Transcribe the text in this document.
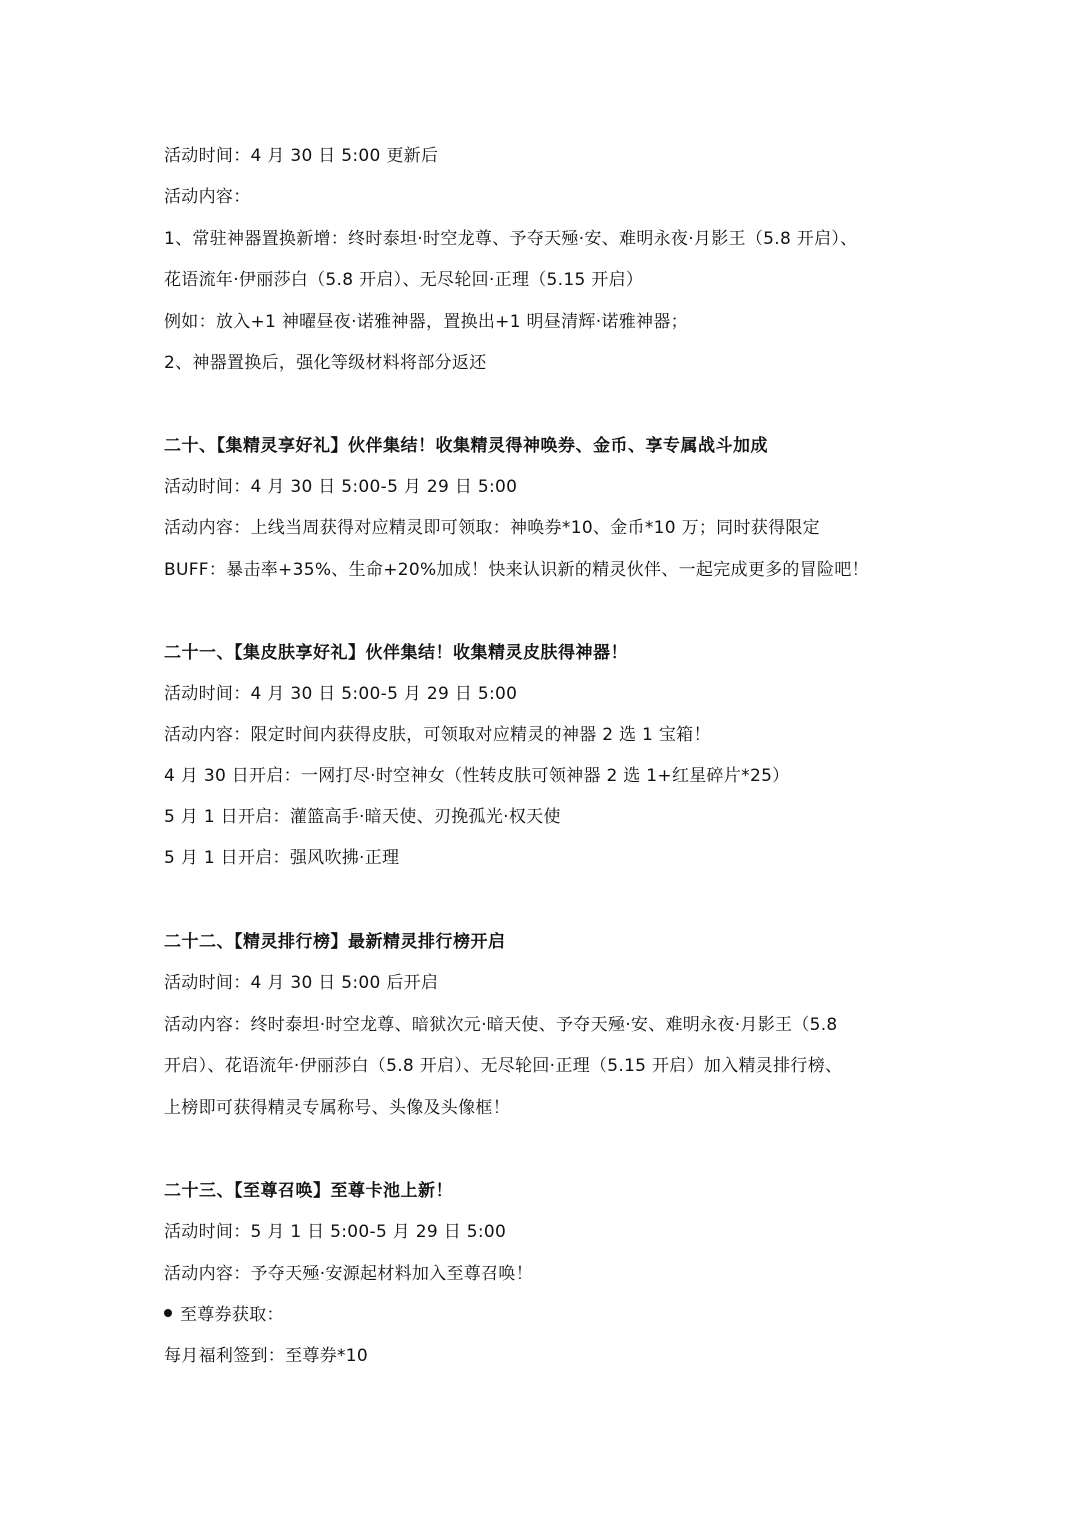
活动时间：4 月 30 日 5:00 更新后
活动内容：
1、常驻神器置换新增：终时泰坦·时空龙尊、予夺天殛·安、难明永夜·月影王（5.8 开启）、
花语流年·伊丽莎白（5.8 开启）、无尽轮回·正理（5.15 开启）
例如：放入+1 神曜昼夜·诺雅神器，置换出+1 明昼清辉·诺雅神器；
2、神器置换后，强化等级材料将部分返还
二十、【集精灵享好礼】伙伴集结！收集精灵得神唤券、金币、享专属战斗加成
活动时间：4 月 30 日 5:00-5 月 29 日 5:00
活动内容：上线当周获得对应精灵即可领取：神唤券*10、金币*10 万；同时获得限定
BUFF：暴击率+35%、生命+20%加成！快来认识新的精灵伙伴、一起完成更多的冒险吧！
二十一、【集皮肤享好礼】伙伴集结！收集精灵皮肤得神器！
活动时间：4 月 30 日 5:00-5 月 29 日 5:00
活动内容：限定时间内获得皮肤，可领取对应精灵的神器 2 选 1 宝箱！
4 月 30 日开启：一网打尽·时空神女（性转皮肤可领神器 2 选 1+红星碎片*25）
5 月 1 日开启：灌篮高手·暗天使、刃挽孤光·权天使
5 月 1 日开启：强风吹拂·正理
二十二、【精灵排行榜】最新精灵排行榜开启
活动时间：4 月 30 日 5:00 后开启
活动内容：终时泰坦·时空龙尊、暗狱次元·暗天使、予夺天殛·安、难明永夜·月影王（5.8
开启）、花语流年·伊丽莎白（5.8 开启）、无尽轮回·正理（5.15 开启）加入精灵排行榜、
上榜即可获得精灵专属称号、头像及头像框！
二十三、【至尊召唤】至尊卡池上新！
活动时间：5 月 1 日 5:00-5 月 29 日 5:00
活动内容：予夺天殛·安源起材料加入至尊召唤！
至尊券获取：
每月福利签到：至尊券*10
